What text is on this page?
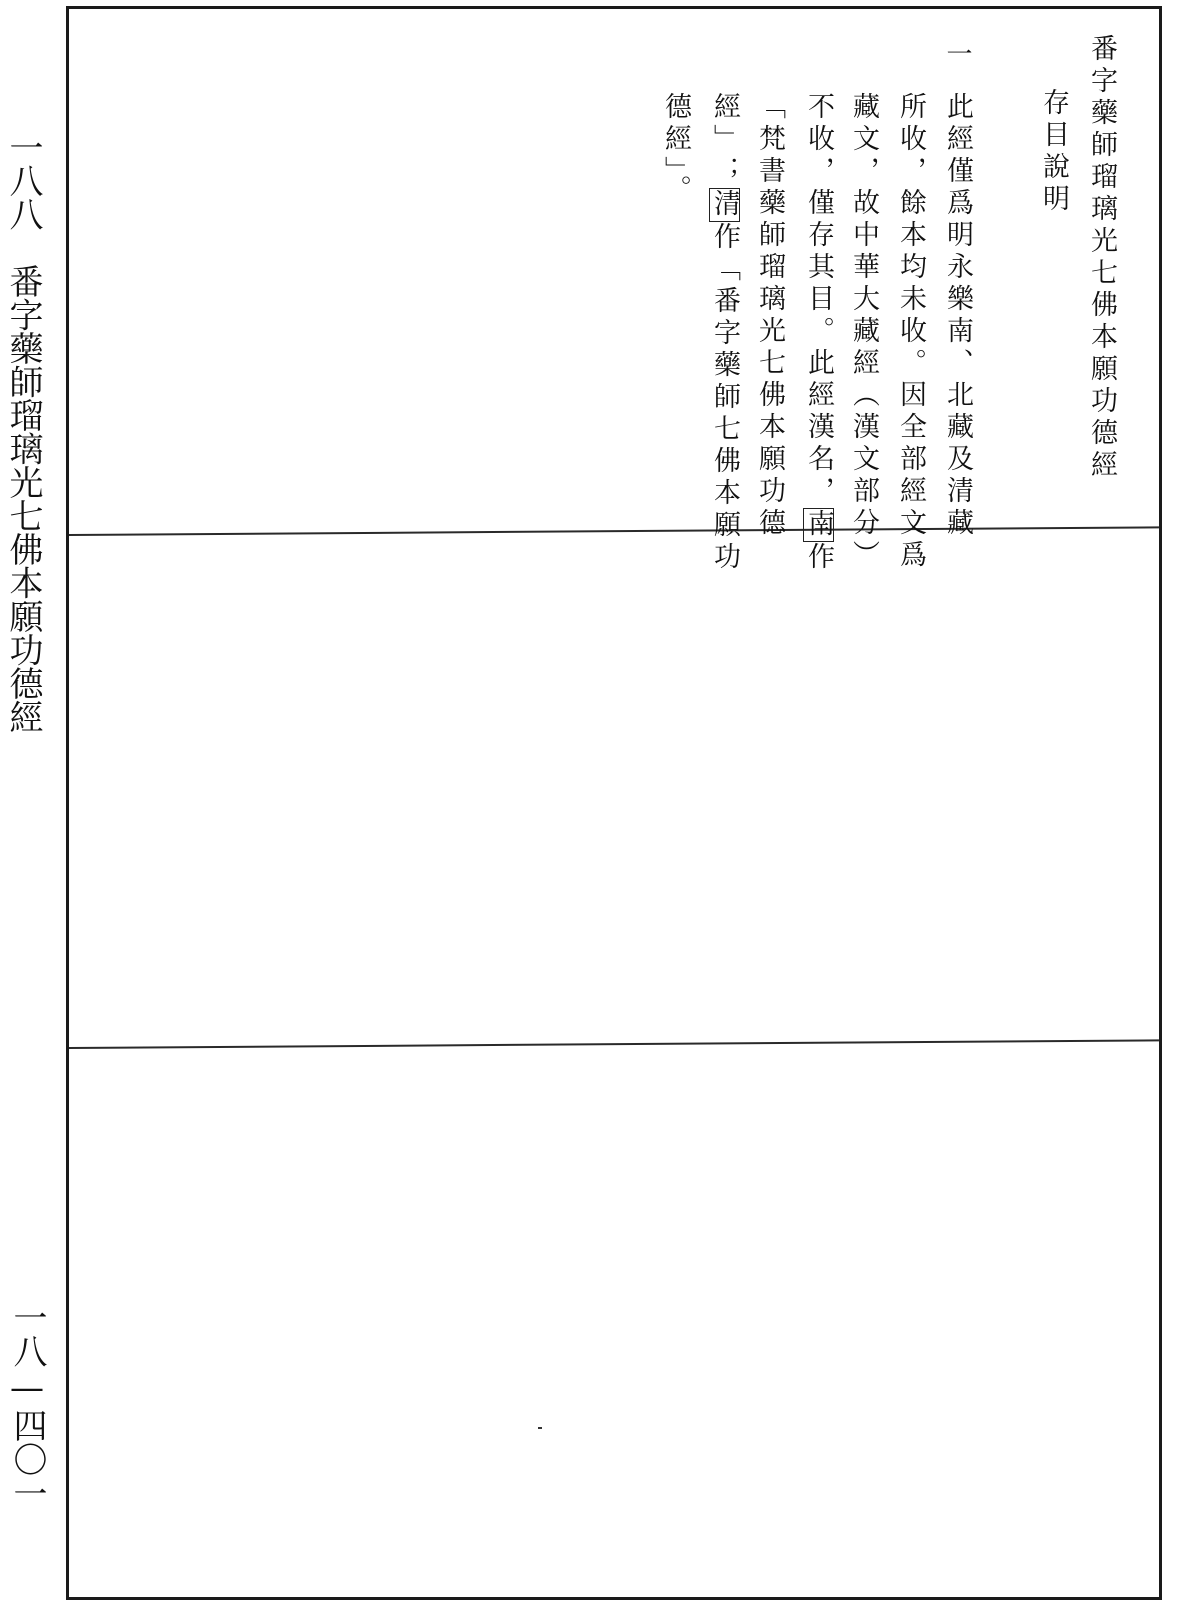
一八八　番字藥師瑠璃光七佛本願功德經
一八—四〇一
番字藥師瑠璃光七佛本願功德經
存目說明
一
此經僅爲明永樂南、北藏及清藏
所收，餘本均未收。因全部經文爲
藏文，故中華大藏經（漢文部分）
不收，僅存其目。此經漢名，南作
「梵書藥師瑠璃光七佛本願功德
經」；清作「番字藥師七佛本願功
德經」。
